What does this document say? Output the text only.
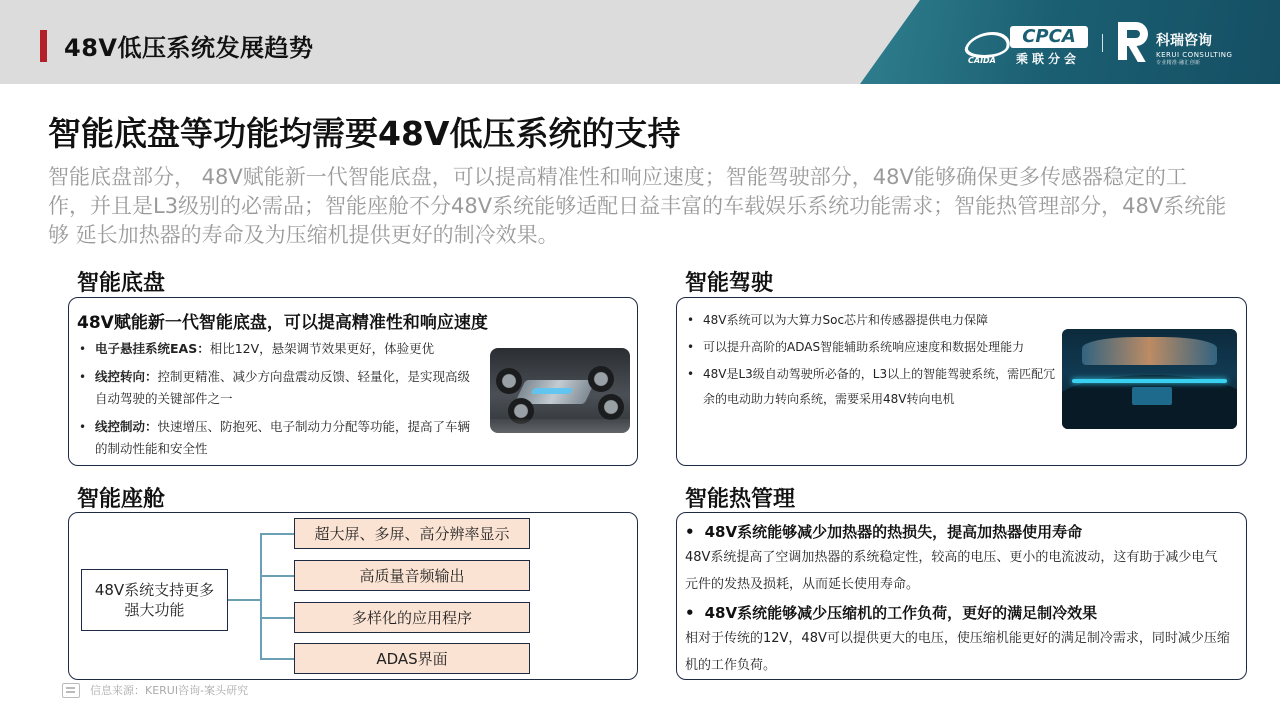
48V低压系统发展趋势	CPCA
乘联分会
CAIDA
科瑞咨询
KERUI CONSULTING
专业精准·融汇创新
智能底盘等功能均需要48V低压系统的支持
智能底盘部分， 48V赋能新一代智能底盘，可以提高精准性和响应速度；智能驾驶部分，48V能够确保更多传感器稳定的工作，并且是L3级别的必需品；智能座舱不分48V系统能够适配日益丰富的车载娱乐系统功能需求；智能热管理部分，48V系统能够 延长加热器的寿命及为压缩机提供更好的制冷效果。
智能底盘
48V赋能新一代智能底盘，可以提高精准性和响应速度
• 电子悬挂系统EAS：相比12V，悬架调节效果更好，体验更优
• 线控转向：控制更精准、减少方向盘震动反馈、轻量化，是实现高级自动驾驶的关键部件之一
• 线控制动：快速增压、防抱死、电子制动力分配等功能，提高了车辆的制动性能和安全性
智能驾驶
• 48V系统可以为大算力Soc芯片和传感器提供电力保障
• 可以提升高阶的ADAS智能辅助系统响应速度和数据处理能力
• 48V是L3级自动驾驶所必备的，L3以上的智能驾驶系统，需匹配冗余的电动助力转向系统，需要采用48V转向电机
智能座舱
48V系统支持更多强大功能
超大屏、多屏、高分辨率显示
高质量音频输出
多样化的应用程序
ADAS界面
智能热管理
• 48V系统能够减少加热器的热损失，提高加热器使用寿命
48V系统提高了空调加热器的系统稳定性，较高的电压、更小的电流波动，这有助于减少电气元件的发热及损耗，从而延长使用寿命。
• 48V系统能够减少压缩机的工作负荷，更好的满足制冷效果
相对于传统的12V，48V可以提供更大的电压，使压缩机能更好的满足制冷需求，同时减少压缩机的工作负荷。
信息来源：KERUI咨询-案头研究
